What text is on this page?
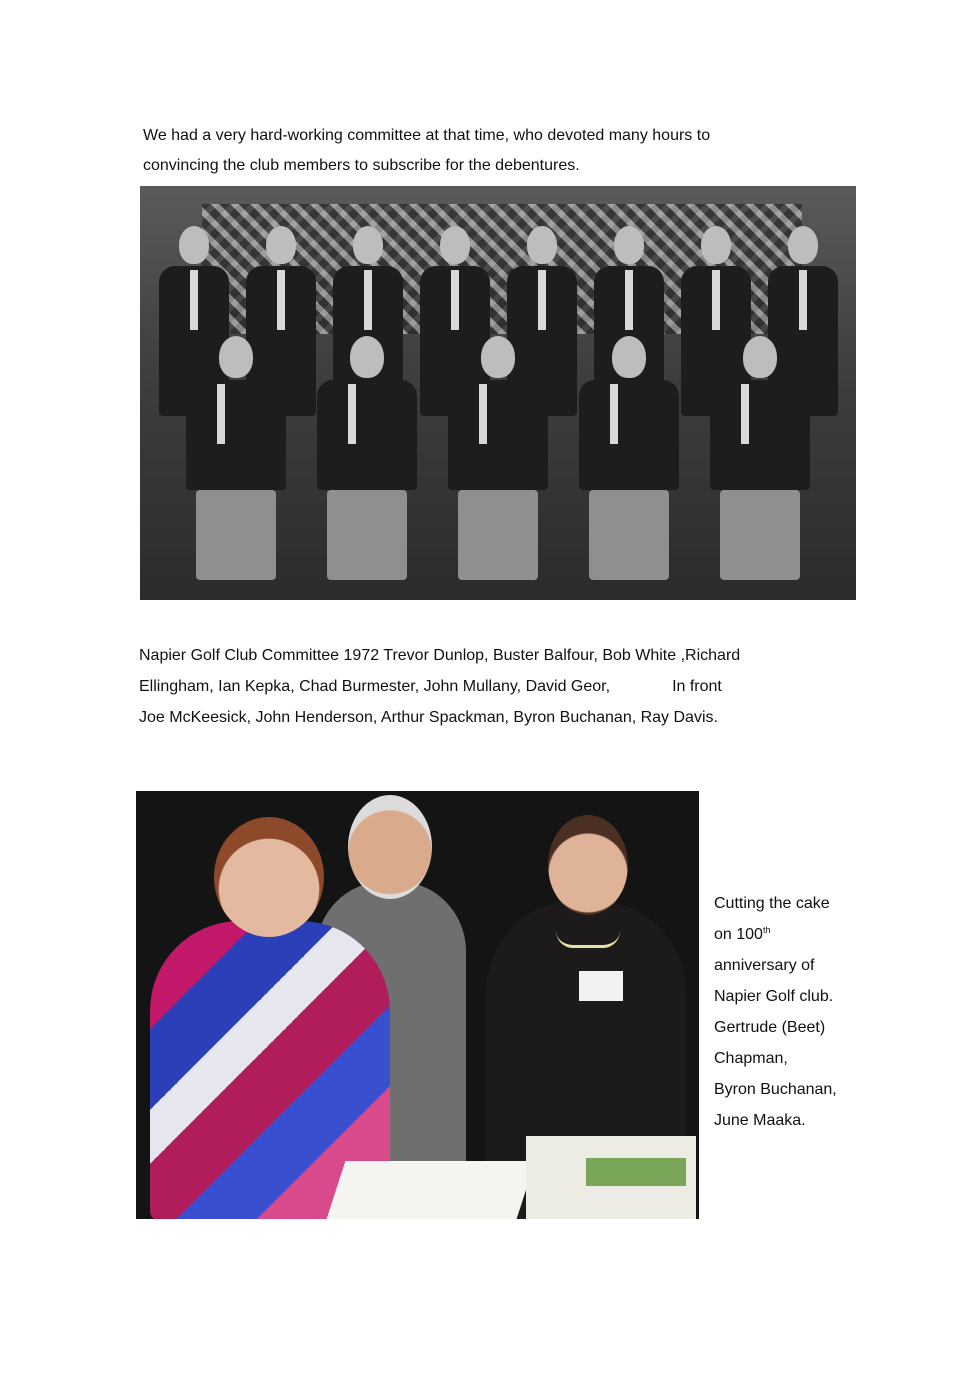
We had a very hard-working committee at that time, who devoted many hours to
convincing the club members to subscribe for the debentures.

Napier Golf Club Committee 1972 Trevor Dunlop, Buster Balfour, Bob White ,Richard
Ellingham, Ian Kepka, Chad Burmester, John Mullany, David Geor,	In front
Joe McKeesick, John Henderson, Arthur Spackman, Byron Buchanan, Ray Davis.

Cutting the cake
on 100th
anniversary of
Napier Golf club.
Gertrude (Beet)
Chapman,
Byron Buchanan,
June Maaka.
